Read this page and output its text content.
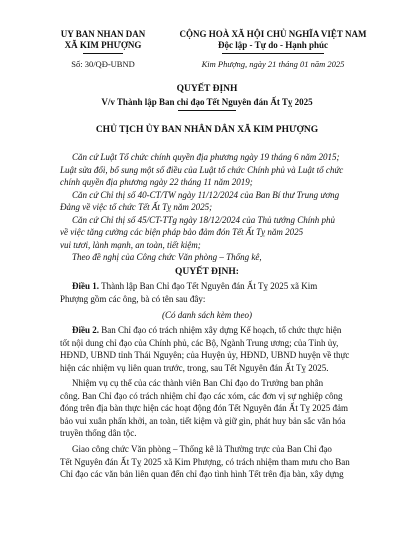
UY BAN NHAN DAN
XÃ KIM PHƯỢNG
Số: 30/QĐ-UBND
CỘNG HOÀ XÃ HỘI CHỦ NGHĨA VIỆT NAM
Độc lập - Tự do - Hạnh phúc
Kim Phượng, ngày 21 tháng 01 năm 2025
QUYẾT ĐỊNH
V/v Thành lập Ban chỉ đạo Tết Nguyên đán Ất Tỵ 2025
CHỦ TỊCH ỦY BAN NHÂN DÂN XÃ KIM PHƯỢNG
Căn cứ Luật Tổ chức chính quyền địa phương ngày 19 tháng 6 năm 2015;
Luật sửa đổi, bổ sung một số điều của Luật tổ chức Chính phủ và Luật tổ chức
chính quyền địa phương ngày 22 tháng 11 năm 2019;
Căn cứ Chỉ thị số 40-CT/TW ngày 11/12/2024 của Ban Bí thư Trung ương
Đảng về việc tổ chức Tết Ất Tỵ năm 2025;
Căn cứ Chỉ thị số 45/CT-TTg ngày 18/12/2024 của Thủ tướng Chính phủ
về việc tăng cường các biện pháp bảo đảm đón Tết Ất Tỵ năm 2025
vui tươi, lành mạnh, an toàn, tiết kiệm;
Theo đề nghị của Công chức Văn phòng – Thống kê,
QUYẾT ĐỊNH:
Điều 1. Thành lập Ban Chỉ đạo Tết Nguyên đán Ất Tỵ 2025 xã Kim
Phượng gồm các ông, bà có tên sau đây:
(Có danh sách kèm theo)
Điều 2. Ban Chỉ đạo có trách nhiệm xây dựng Kế hoạch, tổ chức thực hiện
tốt nội dung chỉ đạo của Chính phủ, các Bộ, Ngành Trung ương; của Tỉnh ủy,
HĐND, UBND tỉnh Thái Nguyên; của Huyện ủy, HĐND, UBND huyện về thực
hiện các nhiệm vụ liên quan trước, trong, sau Tết Nguyên đán Ất Tỵ 2025.
Nhiệm vụ cụ thể của các thành viên Ban Chỉ đạo do Trưởng ban phân
công. Ban Chỉ đạo có trách nhiệm chỉ đạo các xóm, các đơn vị sự nghiệp công
đóng trên địa bàn thực hiện các hoạt động đón Tết Nguyên đán Ất Tỵ 2025 đảm
bảo vui xuân phấn khởi, an toàn, tiết kiệm và giữ gìn, phát huy bản sắc văn hóa
truyền thống dân tộc.
Giao công chức Văn phòng – Thống kê là Thường trực của Ban Chỉ đạo
Tết Nguyên đán Ất Tỵ 2025 xã Kim Phượng, có trách nhiệm tham mưu cho Ban
Chỉ đạo các văn bản liên quan đến chỉ đạo tình hình Tết trên địa bàn, xây dựng
